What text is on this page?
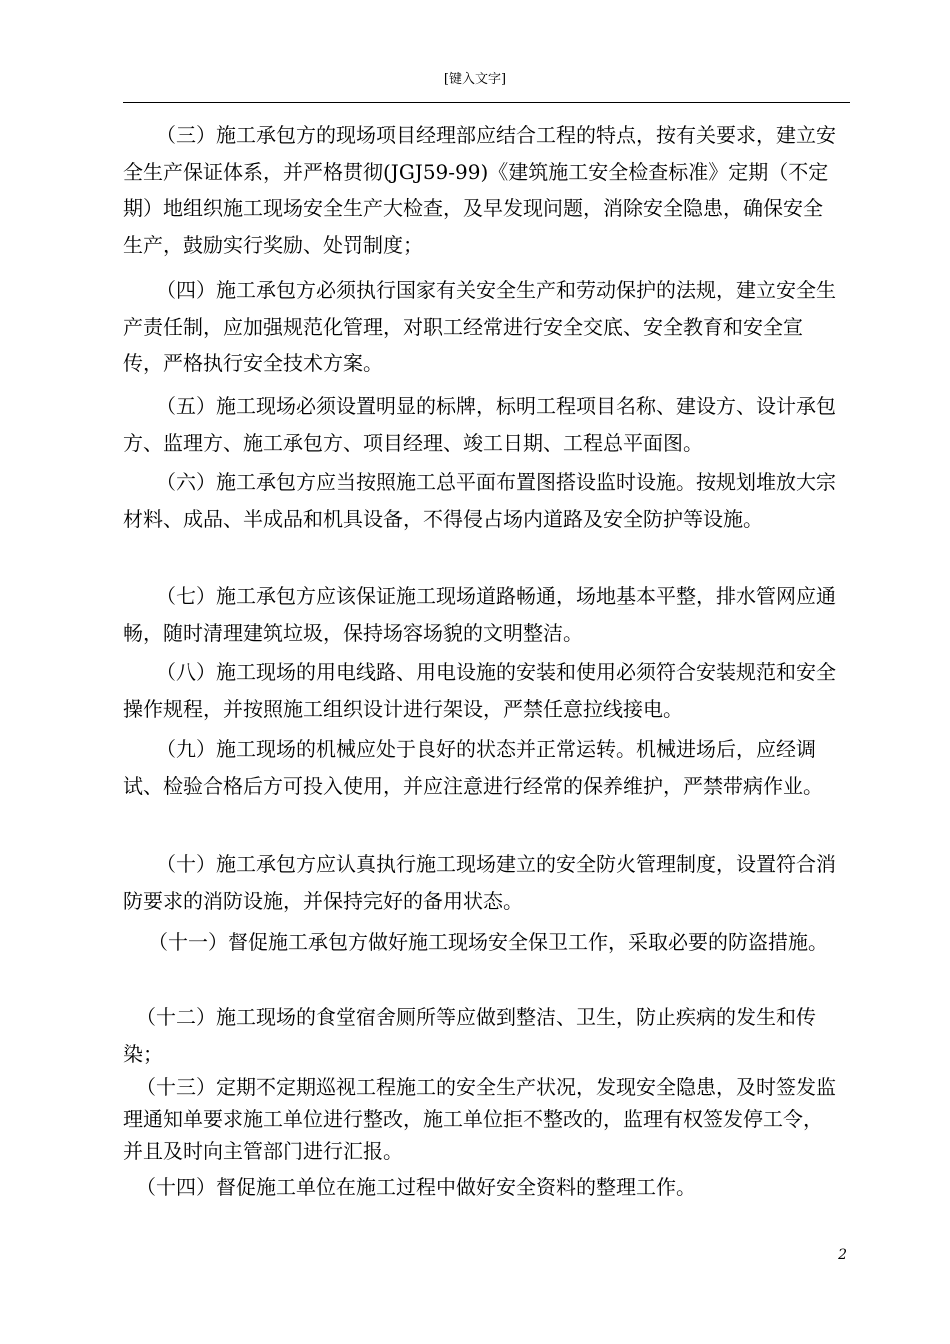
[键入文字]
（三）施工承包方的现场项目经理部应结合工程的特点，按有关要求，建立安全生产保证体系，并严格贯彻(JGJ59-99)《建筑施工安全检查标准》定期（不定期）地组织施工现场安全生产大检查，及早发现问题，消除安全隐患，确保安全生产，鼓励实行奖励、处罚制度；
（四）施工承包方必须执行国家有关安全生产和劳动保护的法规，建立安全生产责任制，应加强规范化管理，对职工经常进行安全交底、安全教育和安全宣传，严格执行安全技术方案。
（五）施工现场必须设置明显的标牌，标明工程项目名称、建设方、设计承包方、监理方、施工承包方、项目经理、竣工日期、工程总平面图。
（六）施工承包方应当按照施工总平面布置图搭设监时设施。按规划堆放大宗材料、成品、半成品和机具设备，不得侵占场内道路及安全防护等设施。
（七）施工承包方应该保证施工现场道路畅通，场地基本平整，排水管网应通畅，随时清理建筑垃圾，保持场容场貌的文明整洁。
（八）施工现场的用电线路、用电设施的安装和使用必须符合安装规范和安全操作规程，并按照施工组织设计进行架设，严禁任意拉线接电。
（九）施工现场的机械应处于良好的状态并正常运转。机械进场后，应经调试、检验合格后方可投入使用，并应注意进行经常的保养维护，严禁带病作业。
（十）施工承包方应认真执行施工现场建立的安全防火管理制度，设置符合消防要求的消防设施，并保持完好的备用状态。
（十一）督促施工承包方做好施工现场安全保卫工作，采取必要的防盗措施。
（十二）施工现场的食堂宿舍厕所等应做到整洁、卫生，防止疾病的发生和传染；
（十三）定期不定期巡视工程施工的安全生产状况，发现安全隐患，及时签发监理通知单要求施工单位进行整改，施工单位拒不整改的，监理有权签发停工令，并且及时向主管部门进行汇报。
（十四）督促施工单位在施工过程中做好安全资料的整理工作。
2
